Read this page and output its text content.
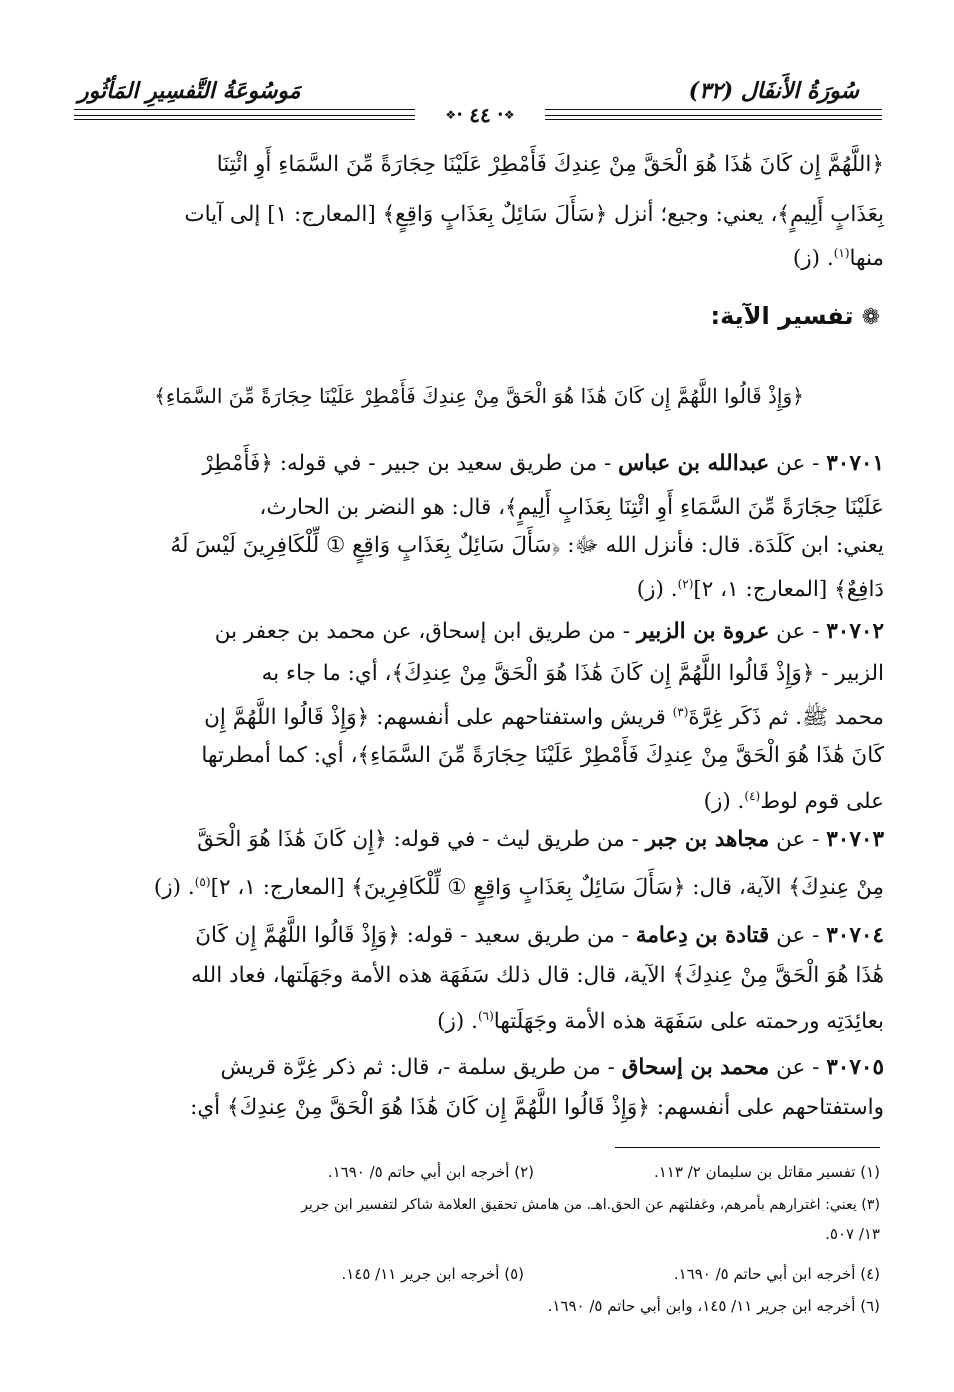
سُورَةُ الأَنفَال (٣٢)
مَوسُوعَةُ التَّفسِيرِ المَأثُور
❖•
٤٤
•❖
﴿اللَّهُمَّ إِن كَانَ هَٰذَا هُوَ الْحَقَّ مِنْ عِندِكَ فَأَمْطِرْ عَلَيْنَا حِجَارَةً مِّنَ السَّمَاءِ أَوِ ائْتِنَا
بِعَذَابٍ أَلِيمٍ﴾، يعني: وجيع؛ أنزل ﴿سَأَلَ سَائِلٌ بِعَذَابٍ وَاقِعٍ﴾ [المعارج: ١] إلى آيات
منها$^{(١)}$. (ز)
❁تفسير الآية:
﴿وَإِذْ قَالُوا اللَّهُمَّ إِن كَانَ هَٰذَا هُوَ الْحَقَّ مِنْ عِندِكَ فَأَمْطِرْ عَلَيْنَا حِجَارَةً مِّنَ السَّمَاءِ﴾
٣٠٧٠١ - عن عبدالله بن عباس - من طريق سعيد بن جبير - في قوله: ﴿فَأَمْطِرْ
عَلَيْنَا حِجَارَةً مِّنَ السَّمَاءِ أَوِ ائْتِنَا بِعَذَابٍ أَلِيمٍ﴾، قال: هو النضر بن الحارث،
يعني: ابن كَلَدَة. قال: فأنزل الله ﷻ: ﴿سَأَلَ سَائِلٌ بِعَذَابٍ وَاقِعٍ ① لِّلْكَافِرِينَ لَيْسَ لَهُ
دَافِعٌ﴾ [المعارج: ١، ٢]$^{(٢)}$. (ز)
٣٠٧٠٢ - عن عروة بن الزبير - من طريق ابن إسحاق، عن محمد بن جعفر بن
الزبير - ﴿وَإِذْ قَالُوا اللَّهُمَّ إِن كَانَ هَٰذَا هُوَ الْحَقَّ مِنْ عِندِكَ﴾، أي: ما جاء به
محمد ﷺ. ثم ذَكَر غِرَّةَ$^{(٣)}$ قريش واستفتاحهم على أنفسهم: ﴿وَإِذْ قَالُوا اللَّهُمَّ إِن
كَانَ هَٰذَا هُوَ الْحَقَّ مِنْ عِندِكَ فَأَمْطِرْ عَلَيْنَا حِجَارَةً مِّنَ السَّمَاءِ﴾، أي: كما أمطرتها
على قوم لوط$^{(٤)}$. (ز)
٣٠٧٠٣ - عن مجاهد بن جبر - من طريق ليث - في قوله: ﴿إِن كَانَ هَٰذَا هُوَ الْحَقَّ
مِنْ عِندِكَ﴾ الآية، قال: ﴿سَأَلَ سَائِلٌ بِعَذَابٍ وَاقِعٍ ① لِّلْكَافِرِينَ﴾ [المعارج: ١، ٢]$^{(٥)}$. (ز)
٣٠٧٠٤ - عن قتادة بن دِعامة - من طريق سعيد - قوله: ﴿وَإِذْ قَالُوا اللَّهُمَّ إِن كَانَ
هَٰذَا هُوَ الْحَقَّ مِنْ عِندِكَ﴾ الآية، قال: قال ذلك سَفَهَة هذه الأمة وجَهَلَتها، فعاد الله
بعائِدَتِه ورحمته على سَفَهَة هذه الأمة وجَهَلَتها$^{(٦)}$. (ز)
٣٠٧٠٥ - عن محمد بن إسحاق - من طريق سلمة -، قال: ثم ذكر غِرَّة قريش
واستفتاحهم على أنفسهم: ﴿وَإِذْ قَالُوا اللَّهُمَّ إِن كَانَ هَٰذَا هُوَ الْحَقَّ مِنْ عِندِكَ﴾ أي:
(١) تفسير مقاتل بن سليمان ٢/ ١١٣.
(٢) أخرجه ابن أبي حاتم ٥/ ١٦٩٠.
(٣) يعني: اغترارهم بأمرهم، وغفلتهم عن الحق.اهـ. من هامش تحقيق العلامة شاكر لتفسير ابن جرير
١٣/ ٥٠٧.
(٤) أخرجه ابن أبي حاتم ٥/ ١٦٩٠.
(٥) أخرجه ابن جرير ١١/ ١٤٥.
(٦) أخرجه ابن جرير ١١/ ١٤٥، وابن أبي حاتم ٥/ ١٦٩٠.
